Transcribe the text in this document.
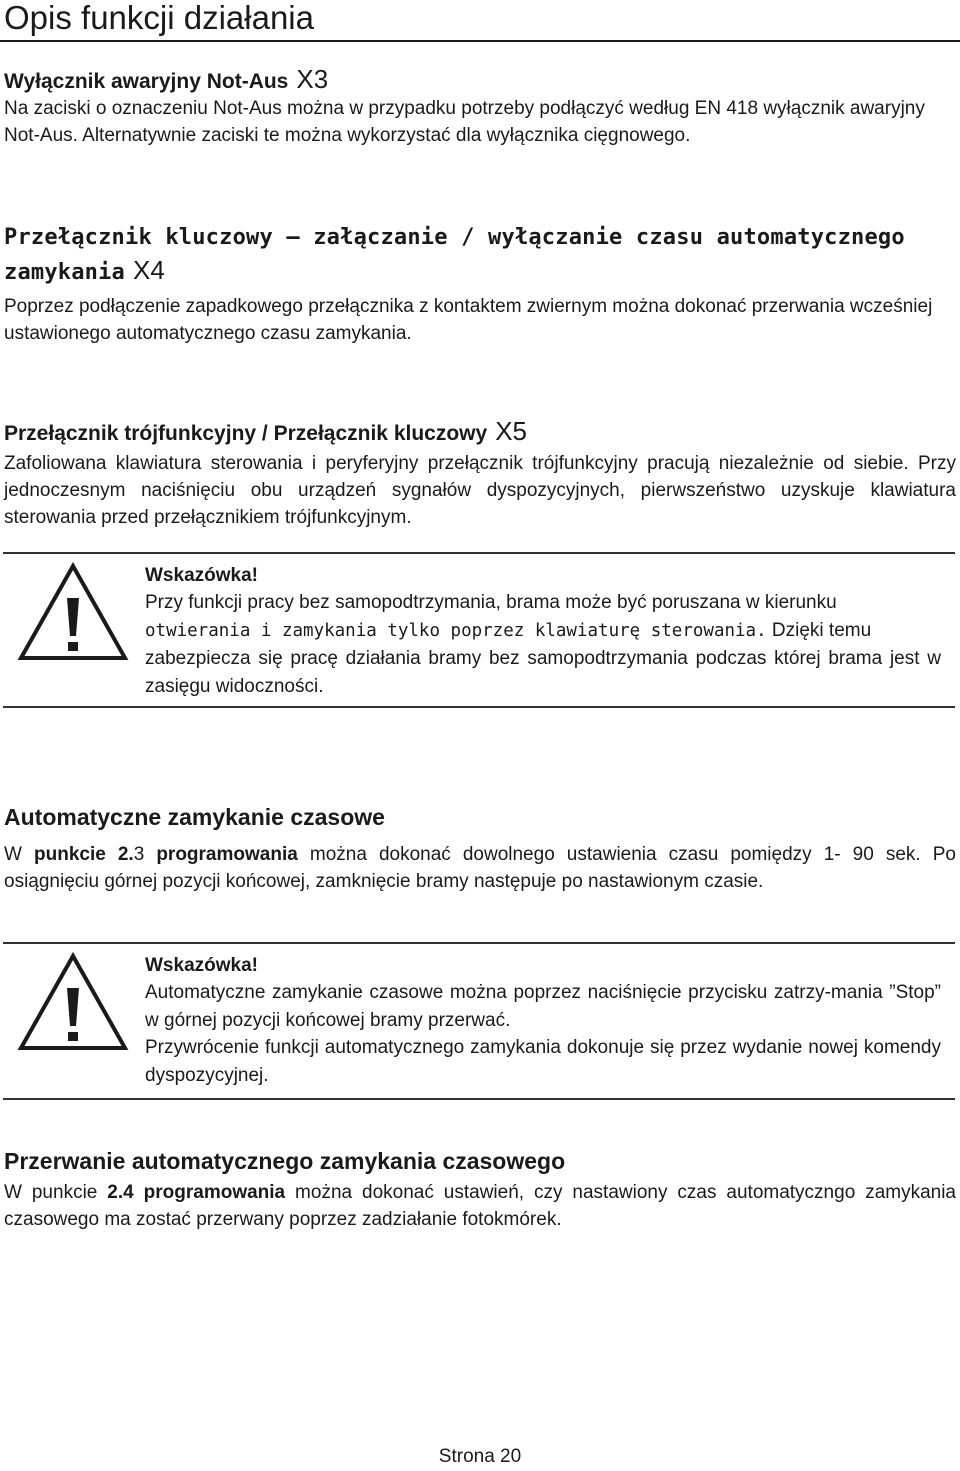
Opis funkcji działania
Wyłącznik awaryjny Not-Aus X3

Na zaciski o oznaczeniu Not-Aus można w przypadku potrzeby podłączyć według EN 418 wyłącznik awaryjny Not-Aus. Alternatywnie zaciski te można wykorzystać dla wyłącznika cięgnowego.

Przełącznik kluczowy – załączanie / wyłączanie czasu automatycznego zamykania X4

Poprzez podłączenie zapadkowego przełącznika z kontaktem zwiernym można dokonać przerwania wcześniej ustawionego automatycznego czasu zamykania.

Przełącznik trójfunkcyjny / Przełącznik kluczowy X5

Zafoliowana klawiatura sterowania i peryferyjny przełącznik trójfunkcyjny pracują niezależnie od siebie. Przy jednoczesnym naciśnięciu obu urządzeń sygnałów dyspozycyjnych, pierwszeństwo uzyskuje klawiatura sterowania przed przełącznikiem trójfunkcyjnym.

Wskazówka!

Przy funkcji pracy bez samopodtrzymania, brama może być poruszana w kierunku

otwierania i zamykania tylko poprzez klawiaturę sterowania. Dzięki temu

zabezpiecza się pracę działania bramy bez samopodtrzymania podczas której brama jest w zasięgu widoczności.

Automatyczne zamykanie czasowe

W punkcie 2.3 programowania można dokonać dowolnego ustawienia czasu pomiędzy 1- 90 sek. Po osiągnięciu górnej pozycji końcowej, zamknięcie bramy następuje po nastawionym czasie.

Wskazówka!

Automatyczne zamykanie czasowe można poprzez naciśnięcie przycisku zatrzy-mania ”Stop” w górnej pozycji końcowej bramy przerwać.

Przywrócenie funkcji automatycznego zamykania dokonuje się przez wydanie nowej komendy dyspozycyjnej.

Przerwanie automatycznego zamykania czasowego

W punkcie 2.4 programowania można dokonać ustawień, czy nastawiony czas automatyczngo zamykania czasowego ma zostać przerwany poprzez zadziałanie fotokmórek.

Strona 20
